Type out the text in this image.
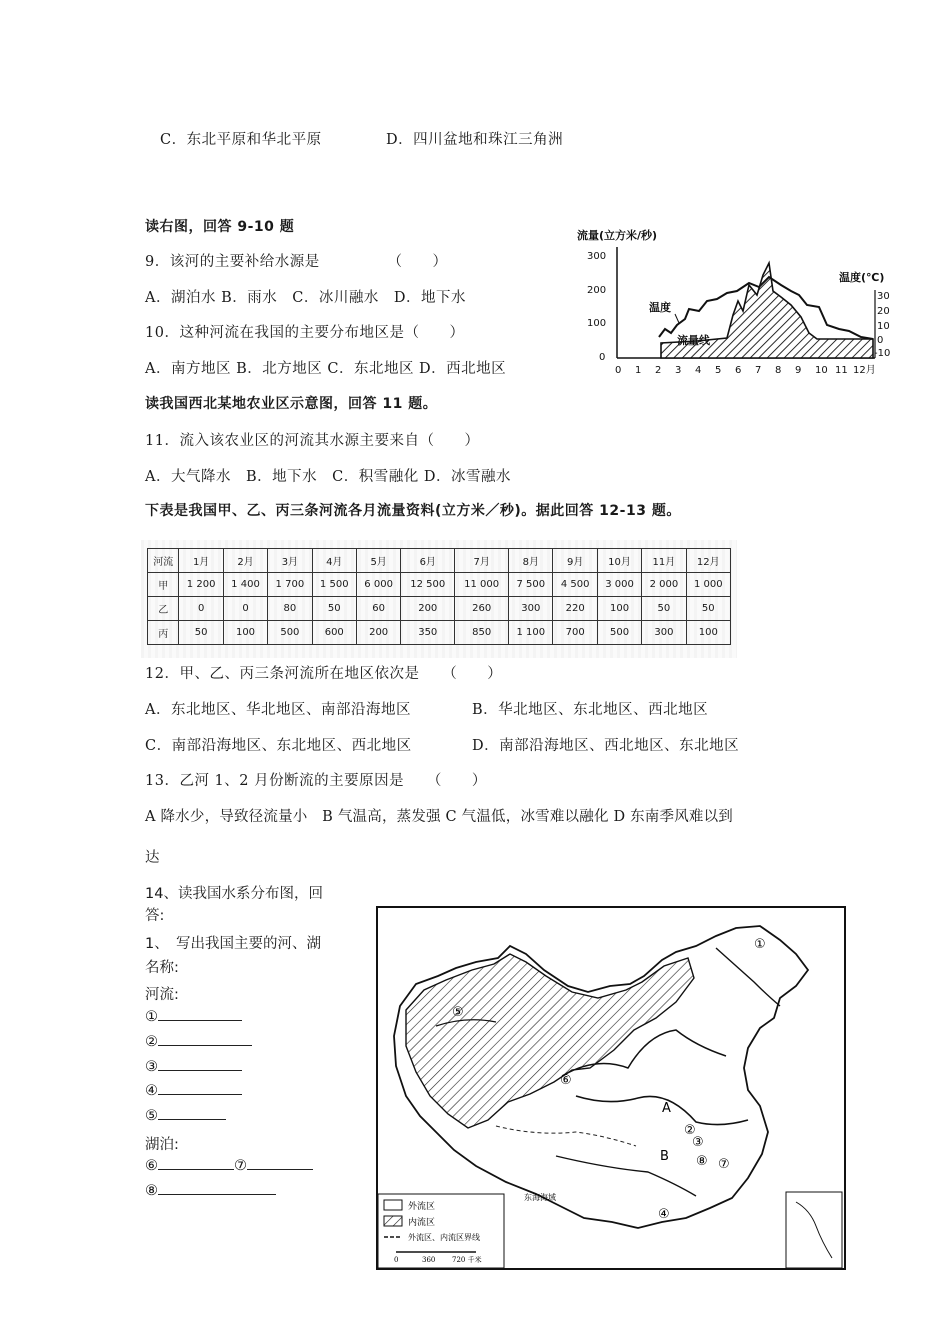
C．东北平原和华北平原	D．四川盆地和珠江三角洲
读右图，回答 9-10 题
9．该河的主要补给水源是　　　　　（　　）
A．湖泊水 B．雨水　C．冰川融水　D．地下水
10．这种河流在我国的主要分布地区是（　　）
A．南方地区 B．北方地区 C．东北地区 D．西北地区
流量(立方米/秒)
300
200
100
0
温度(℃)
30
20
10
0
-10
温度
流量线
0 1 2 3 4 5 6 7 8 9 10 11 12月
读我国西北某地农业区示意图，回答 11 题。
11．流入该农业区的河流其水源主要来自（　　）
A．大气降水　B．地下水　C．积雪融化 D．冰雪融水
下表是我国甲、乙、丙三条河流各月流量资料(立方米／秒)。据此回答 12-13 题。
河流	1月	2月	3月	4月	5月	6月	7月	8月	9月	10月	11月	12月
甲	1 200	1 400	1 700	1 500	6 000	12 500	11 000	7 500	4 500	3 000	2 000	1 000
乙	0	0	80	50	60	200	260	300	220	100	50	50
丙	50	100	500	600	200	350	850	1 100	700	500	300	100
12．甲、乙、丙三条河流所在地区依次是　　（　　）
A．东北地区、华北地区、南部沿海地区	B．华北地区、东北地区、西北地区
C．南部沿海地区、东北地区、西北地区	D．南部沿海地区、西北地区、东北地区
13．乙河 1、2 月份断流的主要原因是　　（　　）
A 降水少，导致径流量小　B 气温高，蒸发强 C 气温低，冰雪难以融化 D 东南季风难以到
达
14、读我国水系分布图，回
答:
1、　写出我国主要的河、湖
名称:
河流:
①
②
③
④
⑤
湖泊:
⑥	⑦
⑧
①
②
③
④
⑤
⑥
⑦
⑧
A
B
东海海域
外流区
内流区
外流区、内流区界线
0	360 720 千米
